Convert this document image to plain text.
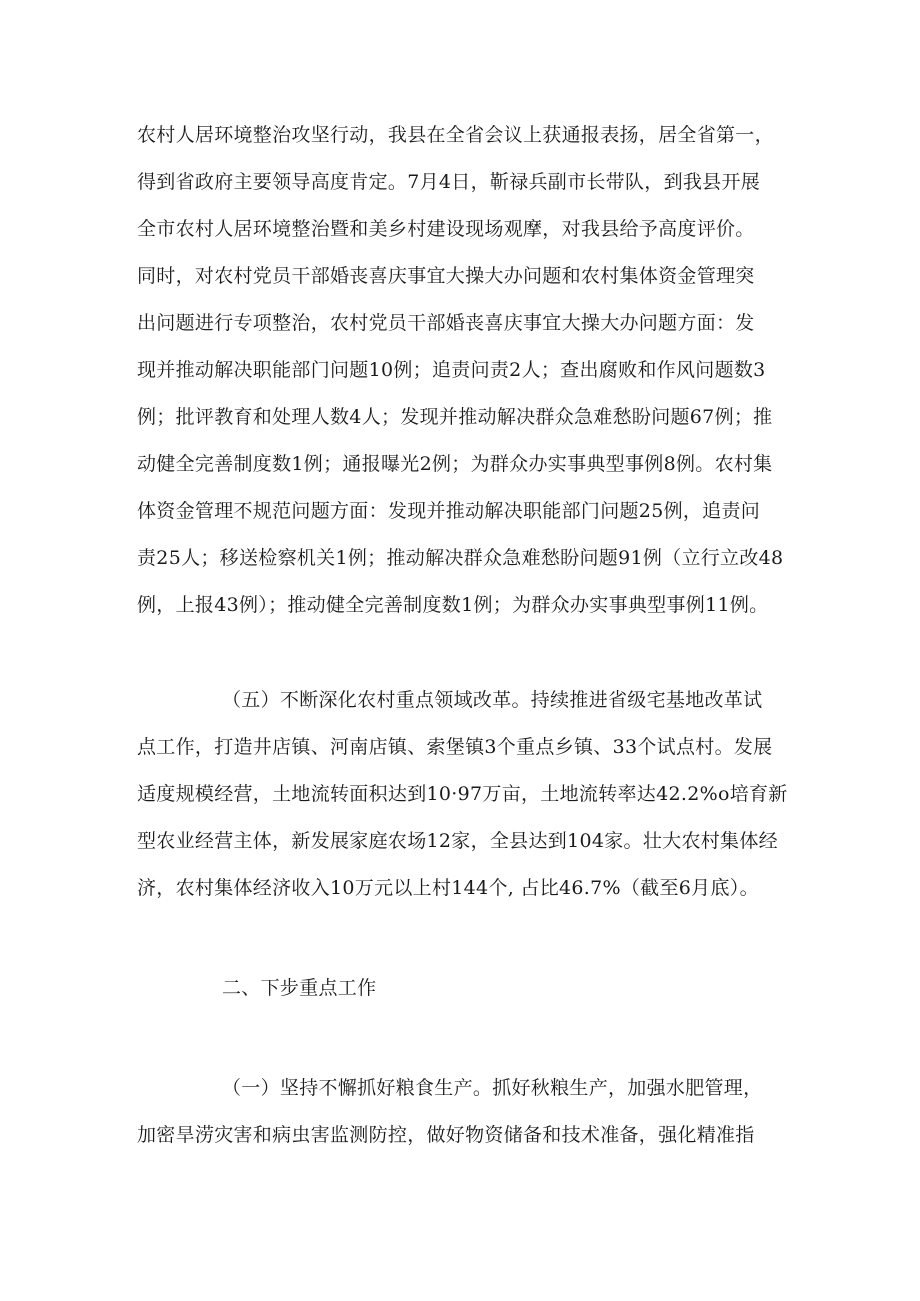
农村人居环境整治攻坚行动，我县在全省会议上获通报表扬，居全省第一，
得到省政府主要领导高度肯定。7月4日，靳禄兵副市长带队，到我县开展
全市农村人居环境整治暨和美乡村建设现场观摩，对我县给予高度评价。
同时，对农村党员干部婚丧喜庆事宜大操大办问题和农村集体资金管理突
出问题进行专项整治，农村党员干部婚丧喜庆事宜大操大办问题方面：发
现并推动解决职能部门问题10例；追责问责2人；查出腐败和作风问题数3
例；批评教育和处理人数4人；发现并推动解决群众急难愁盼问题67例；推
动健全完善制度数1例；通报曝光2例；为群众办实事典型事例8例。农村集
体资金管理不规范问题方面：发现并推动解决职能部门问题25例，追责问
责25人；移送检察机关1例；推动解决群众急难愁盼问题91例（立行立改48
例，上报43例）；推动健全完善制度数1例；为群众办实事典型事例11例。
（五）不断深化农村重点领域改革。持续推进省级宅基地改革试
点工作，打造井店镇、河南店镇、索堡镇3个重点乡镇、33个试点村。发展
适度规模经营，土地流转面积达到10·97万亩，土地流转率达42.2%o培育新
型农业经营主体，新发展家庭农场12家，全县达到104家。壮大农村集体经
济，农村集体经济收入10万元以上村144个, 占比46.7%（截至6月底）。
二、下步重点工作
（一）坚持不懈抓好粮食生产。抓好秋粮生产，加强水肥管理，
加密旱涝灾害和病虫害监测防控，做好物资储备和技术准备，强化精准指
